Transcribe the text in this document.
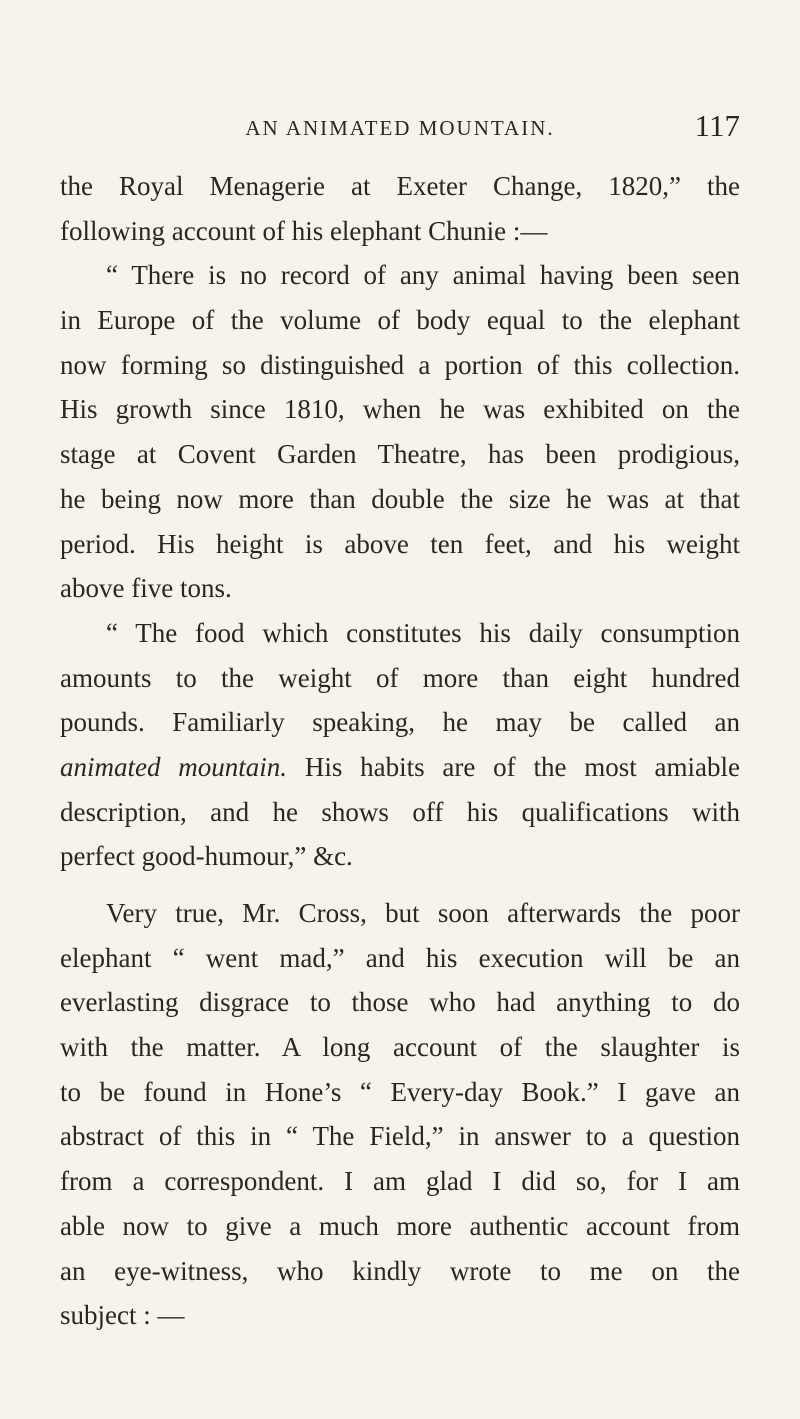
AN ANIMATED MOUNTAIN.	117
the Royal Menagerie at Exeter Change, 1820,” the
following account of his elephant Chunie :—
“ There is no record of any animal having been seen
in Europe of the volume of body equal to the elephant
now forming so distinguished a portion of this collection.
His growth since 1810, when he was exhibited on the
stage at Covent Garden Theatre, has been prodigious,
he being now more than double the size he was at that
period. His height is above ten feet, and his weight
above five tons.
“ The food which constitutes his daily consumption
amounts to the weight of more than eight hundred
pounds. Familiarly speaking, he may be called an
animated mountain. His habits are of the most amiable
description, and he shows off his qualifications with
perfect good-humour,” &c.
Very true, Mr. Cross, but soon afterwards the poor
elephant “ went mad,” and his execution will be an
everlasting disgrace to those who had anything to do
with the matter. A long account of the slaughter is
to be found in Hone’s “ Every-day Book.” I gave an
abstract of this in “ The Field,” in answer to a question
from a correspondent. I am glad I did so, for I am
able now to give a much more authentic account from
an eye-witness, who kindly wrote to me on the
subject : —
